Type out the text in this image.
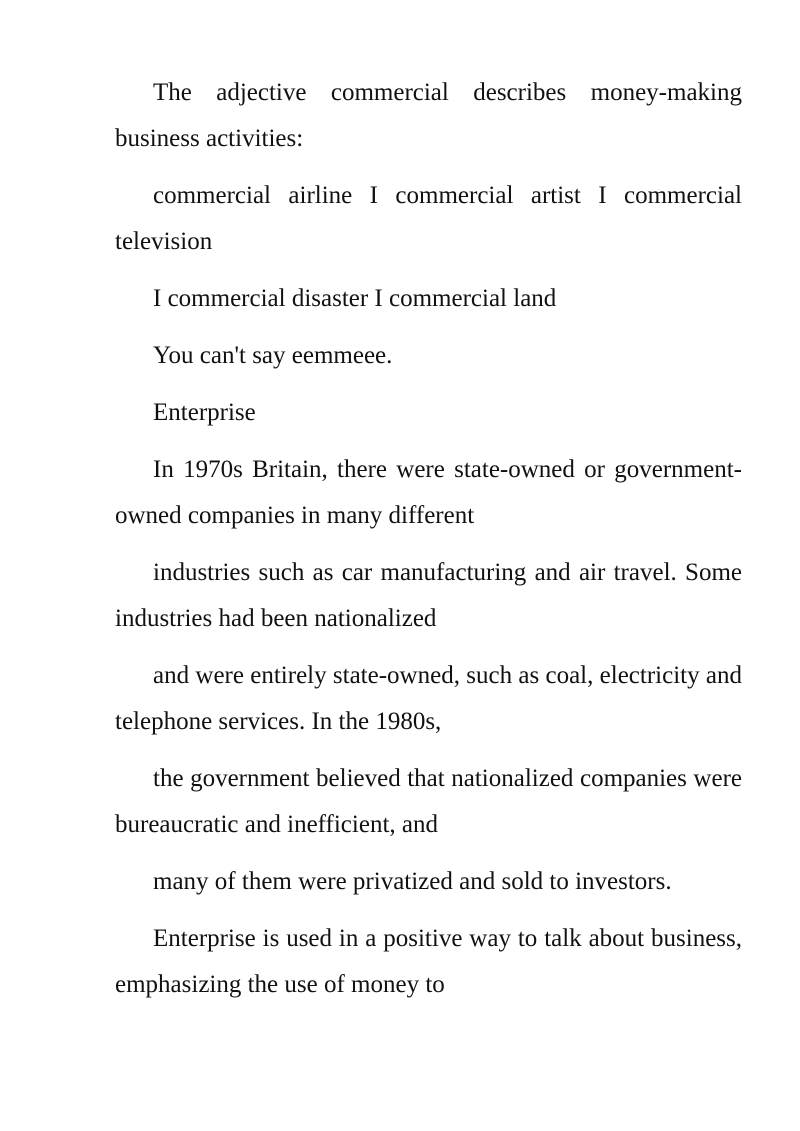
The adjective commercial describes money-making business activities:

commercial airline I commercial artist I commercial television

I commercial disaster I commercial land

You can't say eemmeee.

Enterprise

In 1970s Britain, there were state-owned or government-owned companies in many different

industries such as car manufacturing and air travel. Some industries had been nationalized

and were entirely state-owned, such as coal, electricity and telephone services. In the 1980s,

the government believed that nationalized companies were bureaucratic and inefficient, and

many of them were privatized and sold to investors.

Enterprise is used in a positive way to talk about business, emphasizing the use of money to
